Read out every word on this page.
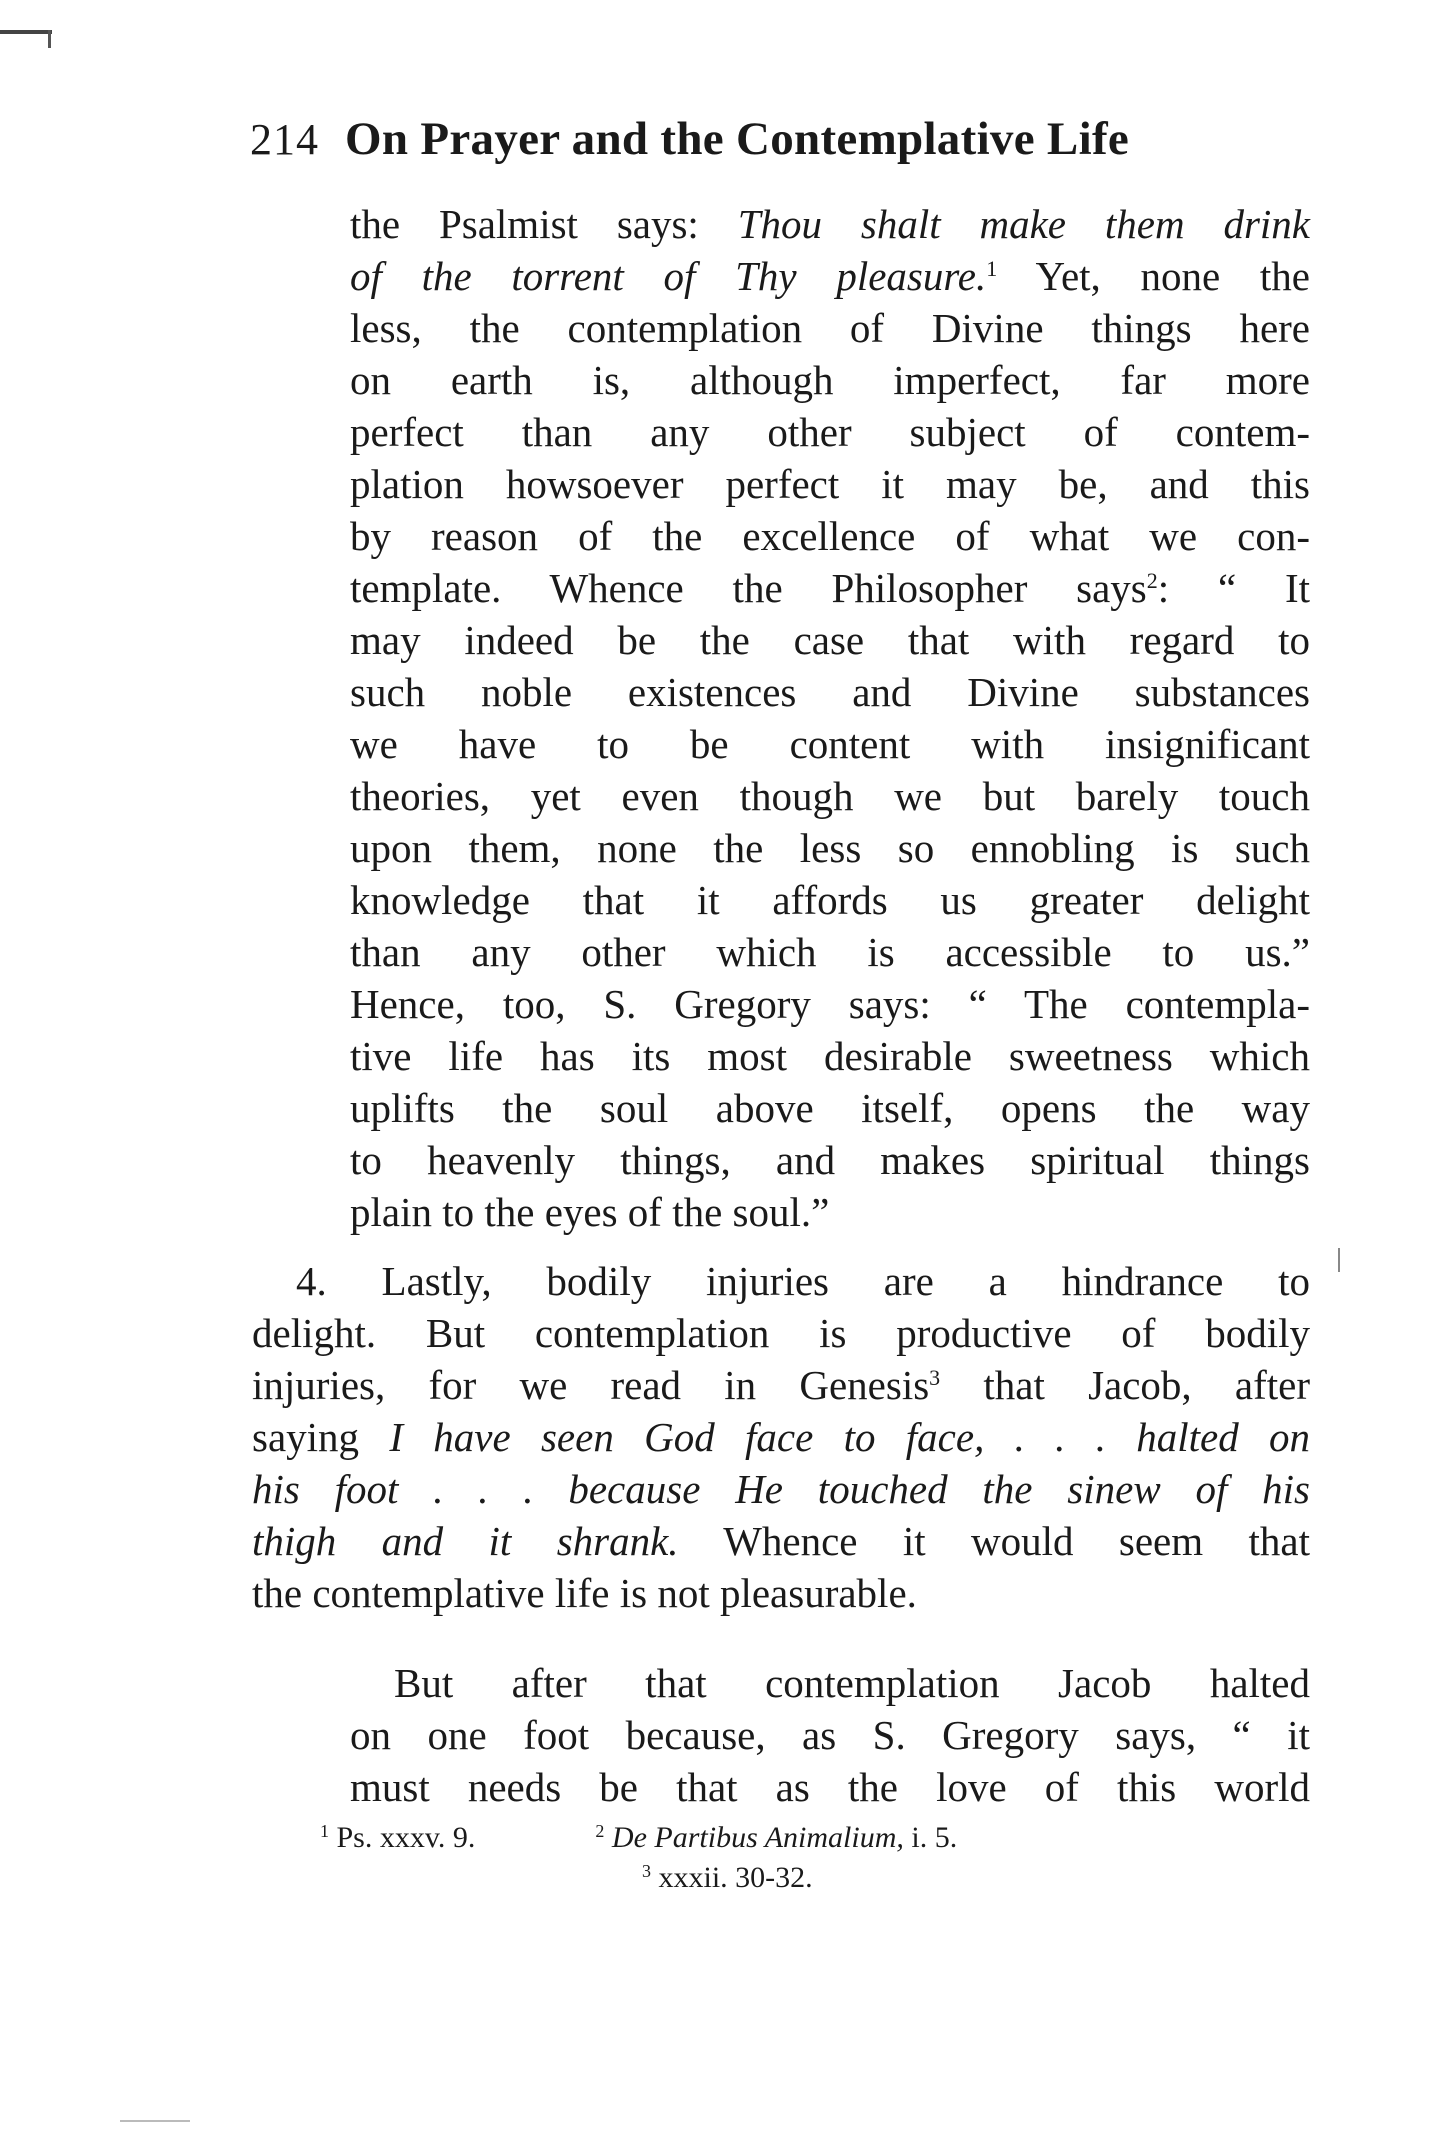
214 On Prayer and the Contemplative Life
the Psalmist says: Thou shalt make them drink
of the torrent of Thy pleasure.$^1$ Yet, none the
less, the contemplation of Divine things here
on earth is, although imperfect, far more
perfect than any other subject of contem-
plation howsoever perfect it may be, and this
by reason of the excellence of what we con-
template. Whence the Philosopher says$^2$: “ It
may indeed be the case that with regard to
such noble existences and Divine substances
we have to be content with insignificant
theories, yet even though we but barely touch
upon them, none the less so ennobling is such
knowledge that it affords us greater delight
than any other which is accessible to us.”
Hence, too, S. Gregory says: “ The contempla-
tive life has its most desirable sweetness which
uplifts the soul above itself, opens the way
to heavenly things, and makes spiritual things
plain to the eyes of the soul.”
4. Lastly, bodily injuries are a hindrance to
delight. But contemplation is productive of bodily
injuries, for we read in Genesis$^3$ that Jacob, after
saying I have seen God face to face, . . . halted on
his foot . . . because He touched the sinew of his
thigh and it shrank. Whence it would seem that
the contemplative life is not pleasurable.
But after that contemplation Jacob halted
on one foot because, as S. Gregory says, “ it
must needs be that as the love of this world
$^1$ Ps. xxxv. 9.	$^2$ De Partibus Animalium, i. 5.
$^3$ xxxii. 30-32.
